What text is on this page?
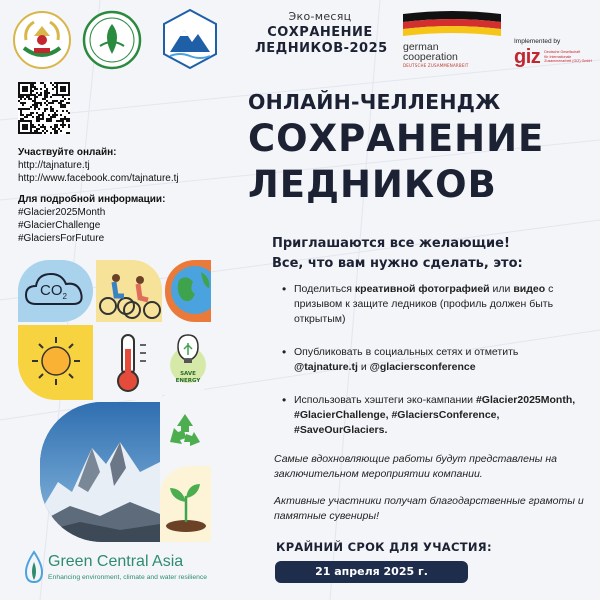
Эко-месяц
СОХРАНЕНИЕ
ЛЕДНИКОВ-2025 german
cooperation
DEUTSCHE ZUSAMMENARBEIT
Implemented by
giz Deutsche Gesellschaft
für Internationale
Zusammenarbeit (GIZ) GmbH
Участвуйте онлайн:
http://tajnature.tj
http://www.facebook.com/tajnature.tj
Для подробной информации:
#Glacier2025Month
#GlacierChallenge
#GlaciersForFuture
ОНЛАЙН-ЧЕЛЛЕНДЖ
СОХРАНЕНИЕ
ЛЕДНИКОВ
Приглашаются все желающие!
Все, что вам нужно сделать, это:
• Поделиться креативной фотографией или видео с призывом к защите ледников (профиль должен быть открытым)
• Опубликовать в социальных сетях и отметить @tajnature.tj и @glaciersconference
• Использовать хэштеги эко-кампании #Glacier2025Month, #GlacierChallenge, #GlaciersConference, #SaveOurGlaciers.
Самые вдохновляющие работы будут представлены на заключительном мероприятии компании.
Активные участники получат благодарственные грамоты и памятные сувениры!
КРАЙНИЙ СРОК ДЛЯ УЧАСТИЯ:
21 апреля 2025 г.
$CO_2$
SAVE
ENERGY
Green Central Asia
Enhancing environment, climate and water resilience
